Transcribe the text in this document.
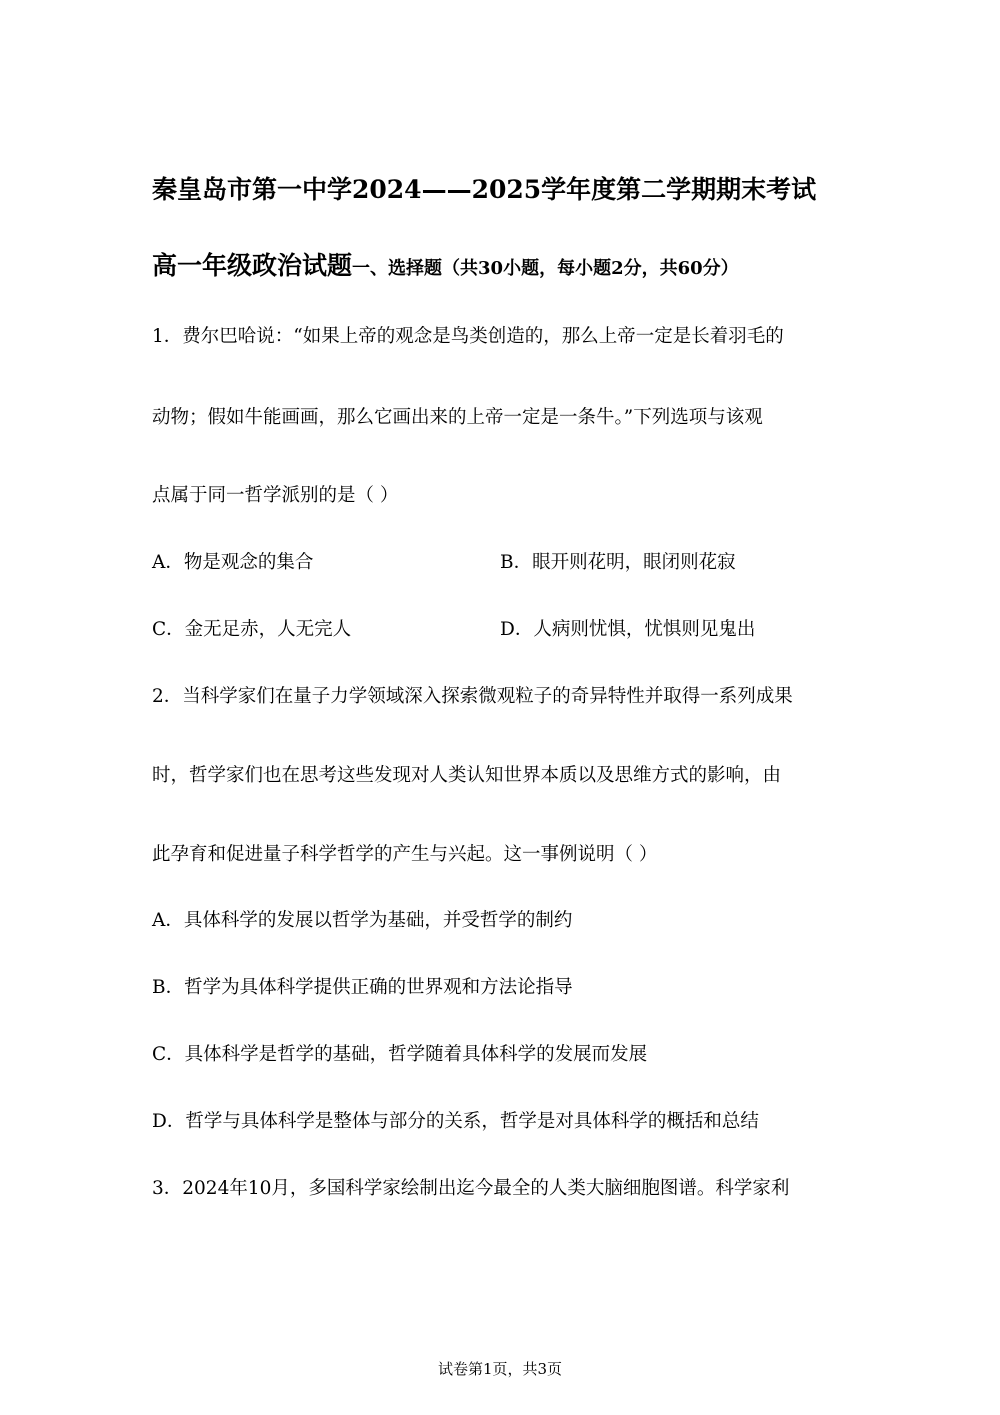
秦皇岛市第一中学2024——2025学年度第二学期期末考试
高一年级政治试题一、选择题（共30小题，每小题2分，共60分）
1．费尔巴哈说：“如果上帝的观念是鸟类创造的，那么上帝一定是长着羽毛的
动物；假如牛能画画，那么它画出来的上帝一定是一条牛。”下列选项与该观
点属于同一哲学派别的是（ ）
A．物是观念的集合	B．眼开则花明，眼闭则花寂
C．金无足赤，人无完人	D．人病则忧惧，忧惧则见鬼出
2．当科学家们在量子力学领域深入探索微观粒子的奇异特性并取得一系列成果
时，哲学家们也在思考这些发现对人类认知世界本质以及思维方式的影响，由
此孕育和促进量子科学哲学的产生与兴起。这一事例说明（ ）
A．具体科学的发展以哲学为基础，并受哲学的制约
B．哲学为具体科学提供正确的世界观和方法论指导
C．具体科学是哲学的基础，哲学随着具体科学的发展而发展
D．哲学与具体科学是整体与部分的关系，哲学是对具体科学的概括和总结
3．2024年10月，多国科学家绘制出迄今最全的人类大脑细胞图谱。科学家利
试卷第1页，共3页
